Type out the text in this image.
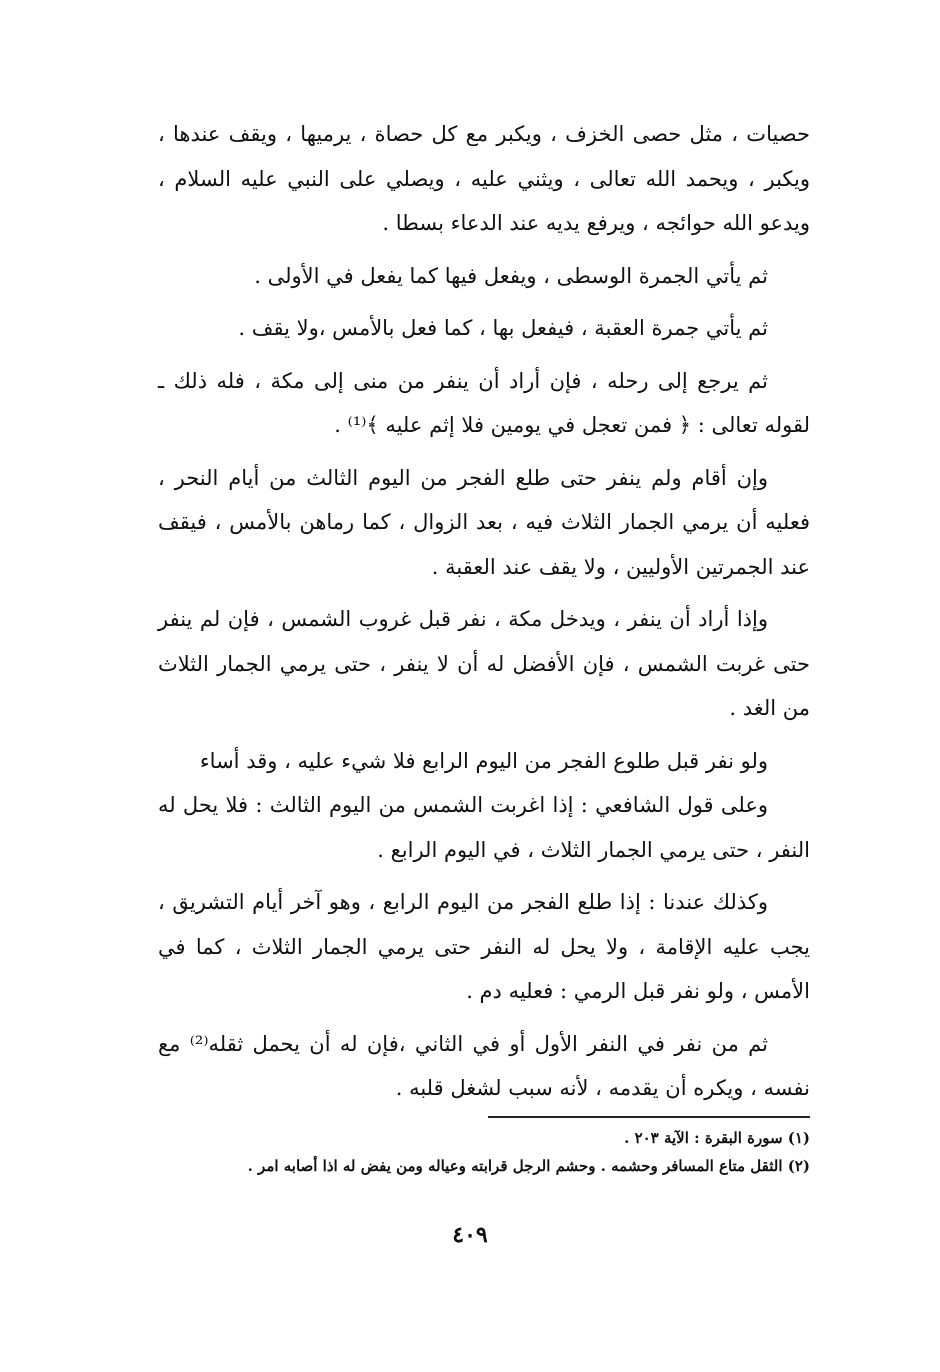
حصيات ، مثل حصى الخزف ، ويكبر مع كل حصاة ، يرميها ، ويقف عندها ، ويكبر ، ويحمد الله تعالى ، ويثني عليه ، ويصلي على النبي عليه السلام ، ويدعو الله حوائجه ، ويرفع يديه عند الدعاء بسطا .

ثم يأتي الجمرة الوسطى ، ويفعل فيها كما يفعل في الأولى .

ثم يأتي جمرة العقبة ، فيفعل بها ، كما فعل بالأمس ،ولا يقف .

ثم يرجع إلى رحله ، فإن أراد أن ينفر من منى إلى مكة ، فله ذلك ـ لقوله تعالى : ﴿ فمن تعجل في يومين فلا إثم عليه ﴾⁽¹⁾ .

وإن أقام ولم ينفر حتى طلع الفجر من اليوم الثالث من أيام النحر ، فعليه أن يرمي الجمار الثلاث فيه ، بعد الزوال ، كما رماهن بالأمس ، فيقف عند الجمرتين الأوليين ، ولا يقف عند العقبة .

وإذا أراد أن ينفر ، ويدخل مكة ، نفر قبل غروب الشمس ، فإن لم ينفر حتى غربت الشمس ، فإن الأفضل له أن لا ينفر ، حتى يرمي الجمار الثلاث من الغد .

ولو نفر قبل طلوع الفجر من اليوم الرابع فلا شيء عليه ، وقد أساء

وعلى قول الشافعي : إذا اغربت الشمس من اليوم الثالث : فلا يحل له النفر ، حتى يرمي الجمار الثلاث ، في اليوم الرابع .

وكذلك عندنا : إذا طلع الفجر من اليوم الرابع ، وهو آخر أيام التشريق ، يجب عليه الإقامة ، ولا يحل له النفر حتى يرمي الجمار الثلاث ، كما في الأمس ، ولو نفر قبل الرمي : فعليه دم .

ثم من نفر في النفر الأول أو في الثاني ،فإن له أن يحمل ثقله⁽²⁾ مع نفسه ، ويكره أن يقدمه ، لأنه سبب لشغل قلبه .

(١) سورة البقرة : الآية ٢٠٣ .

(٢) الثقل متاع المسافر وحشمه . وحشم الرجل قرابته وعياله ومن يفض له اذا أصابه امر .

٤٠٩
